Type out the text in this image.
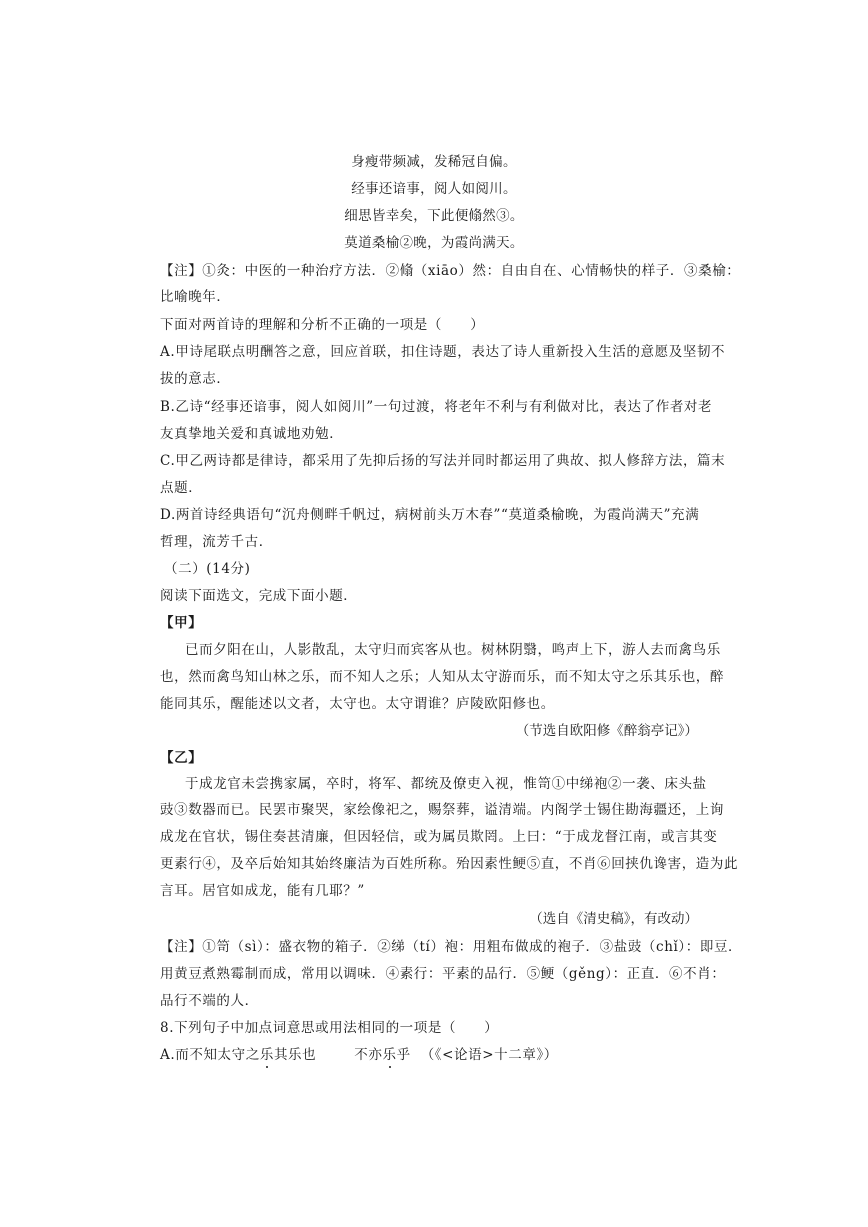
身瘦带频减，发稀冠自偏。
经事还谙事，阅人如阅川。
细思皆幸矣，下此便翛然③。
莫道桑榆②晚，为霞尚满天。
【注】①灸：中医的一种治疗方法．②翛（xiāo）然：自由自在、心情畅快的样子．③桑榆：
比喻晚年．
下面对两首诗的理解和分析不正确的一项是（　　）
A.甲诗尾联点明酬答之意，回应首联，扣住诗题，表达了诗人重新投入生活的意愿及坚韧不
拔的意志．
B.乙诗“经事还谙事，阅人如阅川”一句过渡，将老年不利与有利做对比，表达了作者对老
友真挚地关爱和真诚地劝勉．
C.甲乙两诗都是律诗，都采用了先抑后扬的写法并同时都运用了典故、拟人修辞方法，篇末
点题．
D.两首诗经典语句“沉舟侧畔千帆过，病树前头万木春”“莫道桑榆晚，为霞尚满天”充满
哲理，流芳千古．
（二）(14分)
阅读下面选文，完成下面小题．
【甲】
已而夕阳在山，人影散乱，太守归而宾客从也。树林阴翳，鸣声上下，游人去而禽鸟乐
也，然而禽鸟知山林之乐，而不知人之乐；人知从太守游而乐，而不知太守之乐其乐也，醉
能同其乐，醒能述以文者，太守也。太守谓谁？庐陵欧阳修也。
（节选自欧阳修《醉翁亭记》）
【乙】
于成龙官未尝携家属，卒时，将军、都统及僚吏入视，惟笥①中绨袍②一袭、床头盐
豉③数器而已。民罢市聚哭，家绘像祀之，赐祭葬，谥清端。内阁学士锡住勘海疆还，上询
成龙在官状，锡住奏甚清廉，但因轻信，或为属员欺罔。上曰：“于成龙督江南，或言其变
更素行④，及卒后始知其始终廉洁为百姓所称。殆因素性鲠⑤直，不肖⑥回挟仇谗害，造为此
言耳。居官如成龙，能有几耶？”
（选自《清史稿》，有改动）
【注】①笥（sì）：盛衣物的箱子．②绨（tí）袍：用粗布做成的袍子．③盐豉（chǐ）：即豆．
用黄豆煮熟霉制而成，常用以调味．④素行：平素的品行．⑤鲠（gěng）：正直．⑥不肖：
品行不端的人．
8.下列句子中加点词意思或用法相同的一项是（　　）
A.而不知太守之乐其乐也	不亦乐乎 （《<论语>十二章》）
